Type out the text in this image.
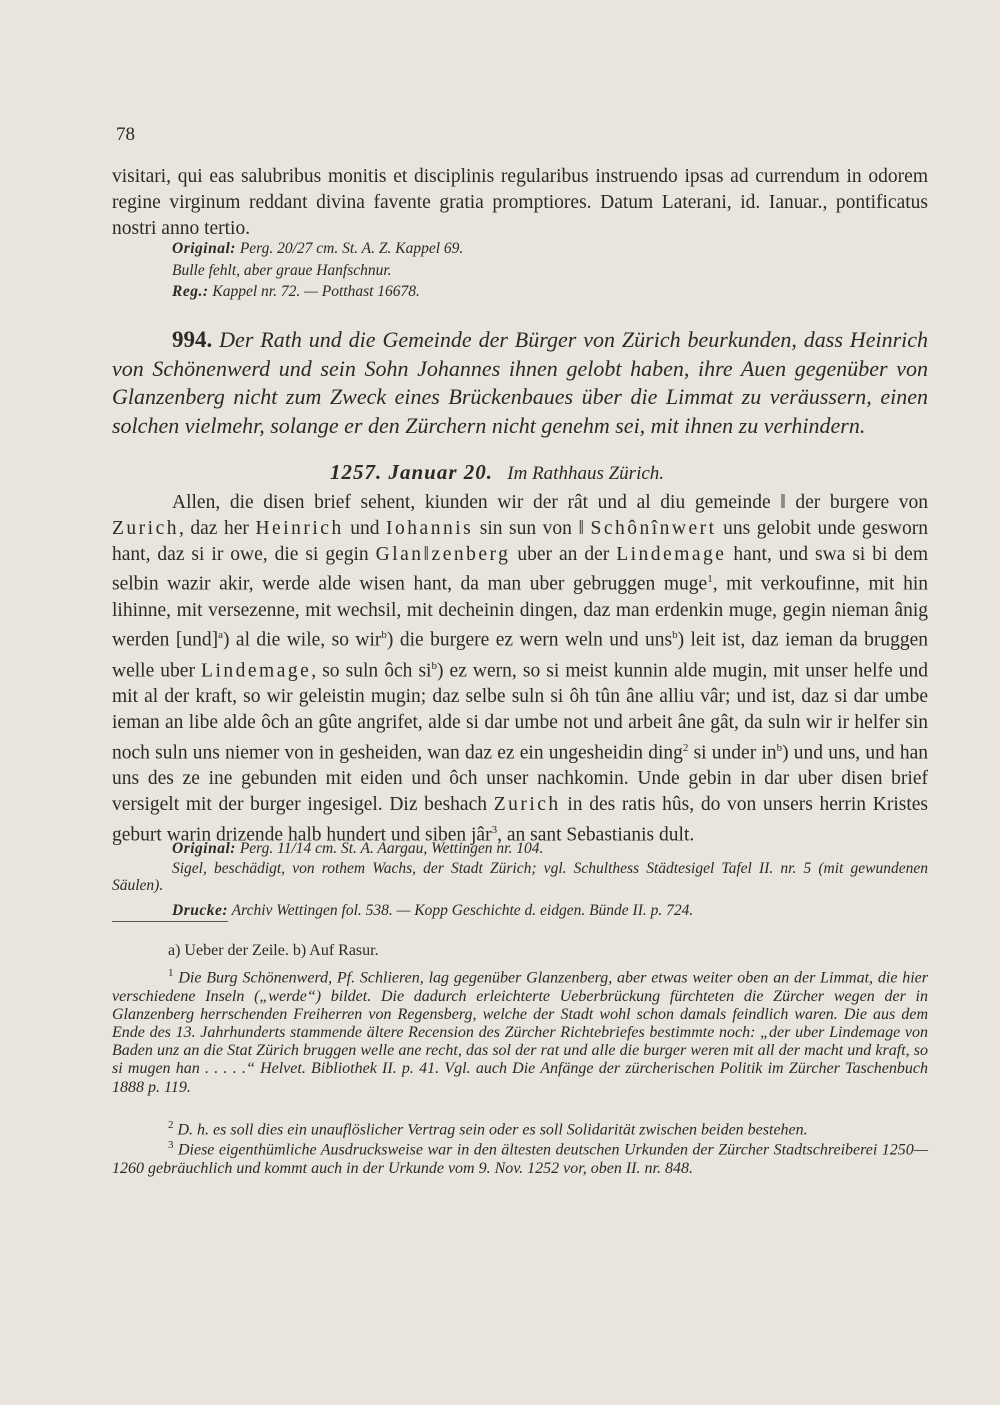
78
visitari, qui eas salubribus monitis et disciplinis regularibus instruendo ipsas ad currendum in odorem regine virginum reddant divina favente gratia promptiores. Datum Laterani, id. Ianuar., pontificatus nostri anno tertio.
Original: Perg. 20/27 cm. St. A. Z. Kappel 69.
Bulle fehlt, aber graue Hanfschnur.
Reg.: Kappel nr. 72. — Potthast 16678.
994. Der Rath und die Gemeinde der Bürger von Zürich beurkunden, dass Heinrich von Schönenwerd und sein Sohn Johannes ihnen gelobt haben, ihre Auen gegenüber von Glanzenberg nicht zum Zweck eines Brückenbaues über die Limmat zu veräussern, einen solchen vielmehr, solange er den Zürchern nicht genehm sei, mit ihnen zu verhindern.
1257. Januar 20. Im Rathhaus Zürich.
Allen, die disen brief sehent, kiunden wir der rât und al diu gemeinde ‖ der burgere von Zurich, daz her Heinrich und Iohannis sin sun von ‖ Schônînwert uns gelobit unde gesworn hant, daz si ir owe, die si gegin Glan‖zenberg uber an der Lindemage hant, und swa si bi dem selbin wazir akir, werde alde wisen hant, da man uber gebruggen muge$^1$, mit verkoufinne, mit hin lihinne, mit versezenne, mit wechsil, mit decheinin dingen, daz man erdenkin muge, gegin nieman ânig werden [und]$^a$) al die wile, so wir$^b$) die burgere ez wern weln und uns$^b$) leit ist, daz ieman da bruggen welle uber Lindemage, so suln ôch $si^b$) ez wern, so si meist kunnin alde mugin, mit unser helfe und mit al der kraft, so wir geleistin mugin; daz selbe suln si ôh tûn âne alliu vâr; und ist, daz si dar umbe ieman an libe alde ôch an gûte angrifet, alde si dar umbe not und arbeit âne gât, da suln wir ir helfer sin noch suln uns niemer von in gesheiden, wan daz ez ein ungesheidin ding$^2$ si under $in^b$) und uns, und han uns des ze ine gebunden mit eiden und ôch unser nachkomin. Unde gebin in dar uber disen brief versigelt mit der burger ingesigel. Diz beshach Zurich in des ratis hûs, do von unsers herrin Kristes geburt warin drizende halb hundert und siben jâr$^3$, an sant Sebastianis dult.
Original: Perg. 11/14 cm. St. A. Aargau, Wettingen nr. 104.
Sigel, beschädigt, von rothem Wachs, der Stadt Zürich; vgl. Schulthess Städtesigel Tafel II. nr. 5 (mit gewundenen Säulen).
Drucke: Archiv Wettingen fol. 538. — Kopp Geschichte d. eidgen. Bünde II. p. 724.
a) Ueber der Zeile. b) Auf Rasur.
$^1$ Die Burg Schönenwerd, Pf. Schlieren, lag gegenüber Glanzenberg, aber etwas weiter oben an der Limmat, die hier verschiedene Inseln („werde“) bildet. Die dadurch erleichterte Ueberbrückung fürchteten die Zürcher wegen der in Glanzenberg herrschenden Freiherren von Regensberg, welche der Stadt wohl schon damals feindlich waren. Die aus dem Ende des 13. Jahrhunderts stammende ältere Recension des Zürcher Richtebriefes bestimmte noch: „der uber Lindemage von Baden unz an die Stat Zürich bruggen welle ane recht, das sol der rat und alle die burger weren mit all der macht und kraft, so si mugen han . . . . .“ Helvet. Bibliothek II. p. 41. Vgl. auch Die Anfänge der zürcherischen Politik im Zürcher Taschenbuch 1888 p. 119.
$^2$ D. h. es soll dies ein unauflöslicher Vertrag sein oder es soll Solidarität zwischen beiden bestehen.
$^3$ Diese eigenthümliche Ausdrucksweise war in den ältesten deutschen Urkunden der Zürcher Stadtschreiberei 1250—1260 gebräuchlich und kommt auch in der Urkunde vom 9. Nov. 1252 vor, oben II. nr. 848.
